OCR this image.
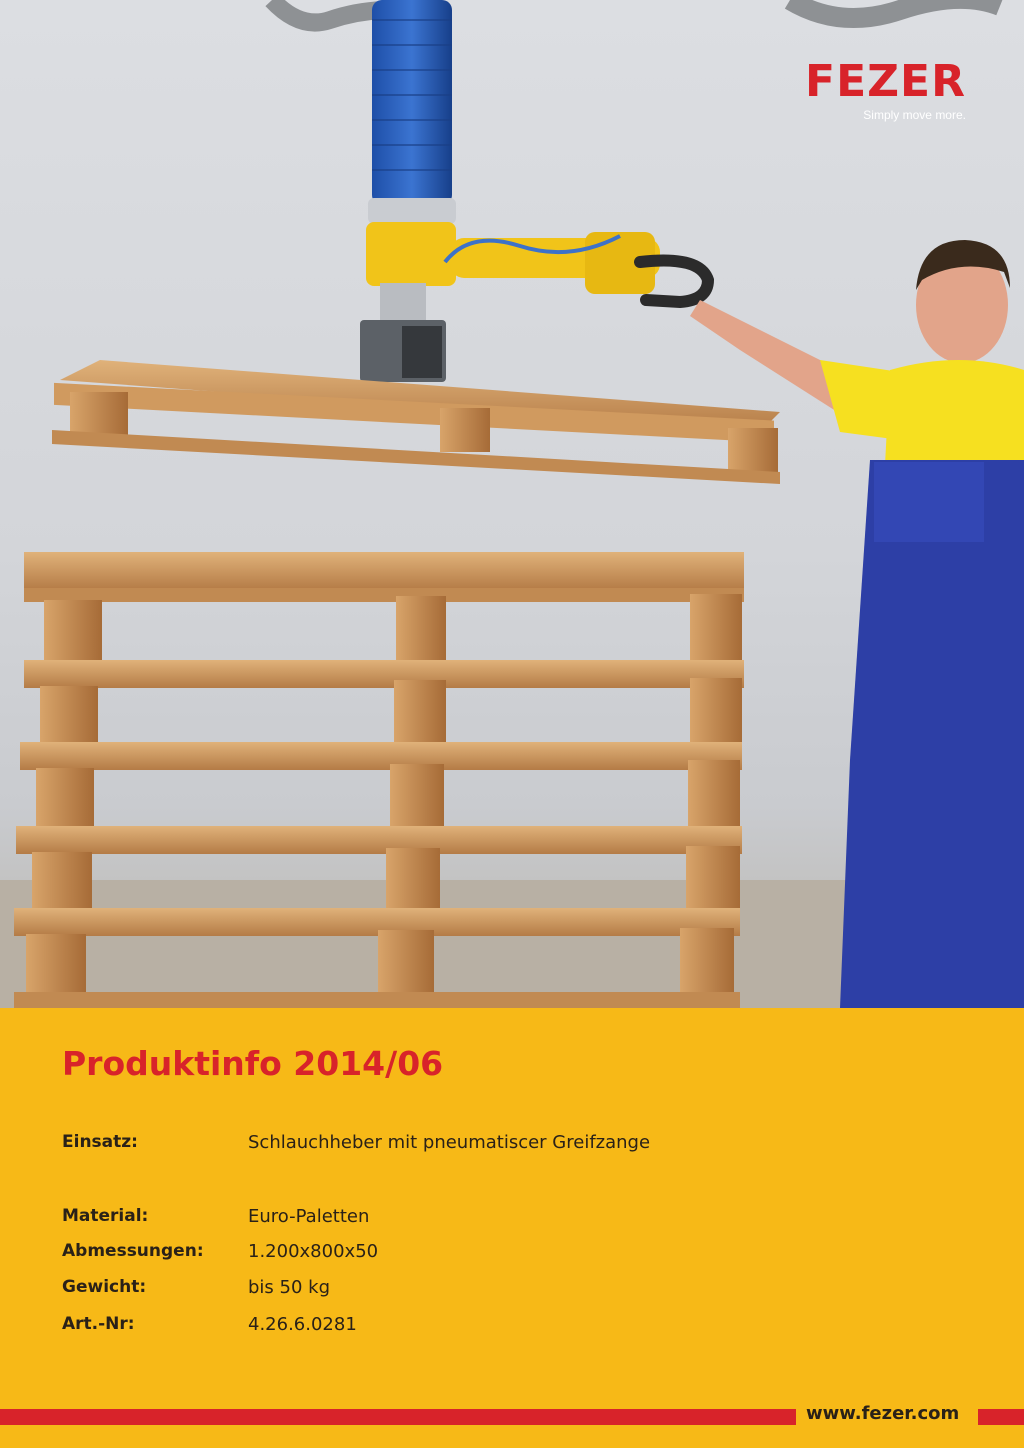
FEZER
Simply move more.
Produktinfo 2014/06
Einsatz:	Schlauchheber mit pneumatiscer Greifzange
Material:	Euro-Paletten
Abmessungen: 1.200x800x50
Gewicht:	bis 50 kg
Art.-Nr:	4.26.6.0281
www.fezer.com
